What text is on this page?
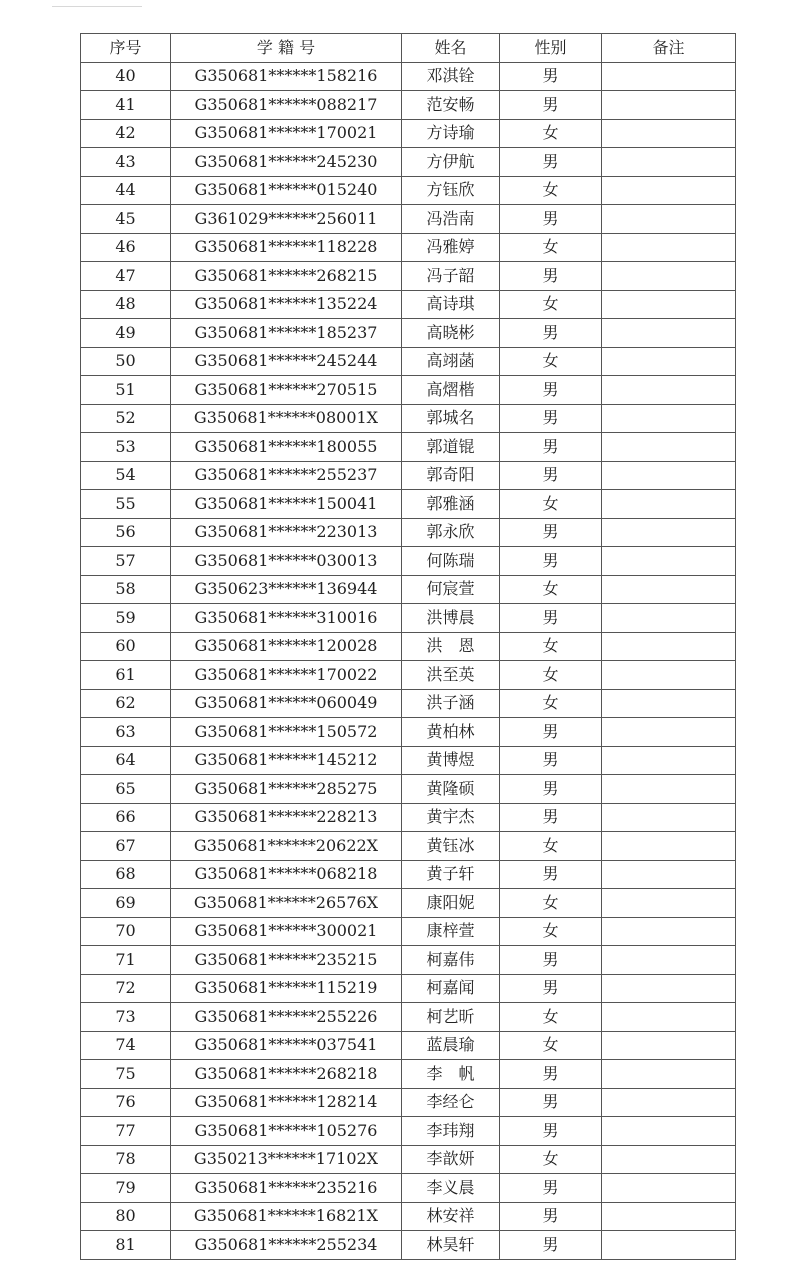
序号	学 籍 号	姓名	性别	备注
40	G350681******158216	邓淇铨	男	
41	G350681******088217	范安畅	男	
42	G350681******170021	方诗瑜	女	
43	G350681******245230	方伊航	男	
44	G350681******015240	方钰欣	女	
45	G361029******256011	冯浩南	男	
46	G350681******118228	冯雅婷	女	
47	G350681******268215	冯子韶	男	
48	G350681******135224	高诗琪	女	
49	G350681******185237	高晓彬	男	
50	G350681******245244	高翊菡	女	
51	G350681******270515	高熠楷	男	
52	G350681******08001X	郭城名	男	
53	G350681******180055	郭道锟	男	
54	G350681******255237	郭奇阳	男	
55	G350681******150041	郭雅涵	女	
56	G350681******223013	郭永欣	男	
57	G350681******030013	何陈瑞	男	
58	G350623******136944	何宸萱	女	
59	G350681******310016	洪博晨	男	
60	G350681******120028	洪　恩	女	
61	G350681******170022	洪至英	女	
62	G350681******060049	洪子涵	女	
63	G350681******150572	黄柏林	男	
64	G350681******145212	黄博煜	男	
65	G350681******285275	黄隆硕	男	
66	G350681******228213	黄宇杰	男	
67	G350681******20622X	黄钰冰	女	
68	G350681******068218	黄子轩	男	
69	G350681******26576X	康阳妮	女	
70	G350681******300021	康梓萱	女	
71	G350681******235215	柯嘉伟	男	
72	G350681******115219	柯嘉闻	男	
73	G350681******255226	柯艺昕	女	
74	G350681******037541	蓝晨瑜	女	
75	G350681******268218	李　帆	男	
76	G350681******128214	李经仑	男	
77	G350681******105276	李玮翔	男	
78	G350213******17102X	李歆妍	女	
79	G350681******235216	李义晨	男	
80	G350681******16821X	林安祥	男	
81	G350681******255234	林昊轩	男	
